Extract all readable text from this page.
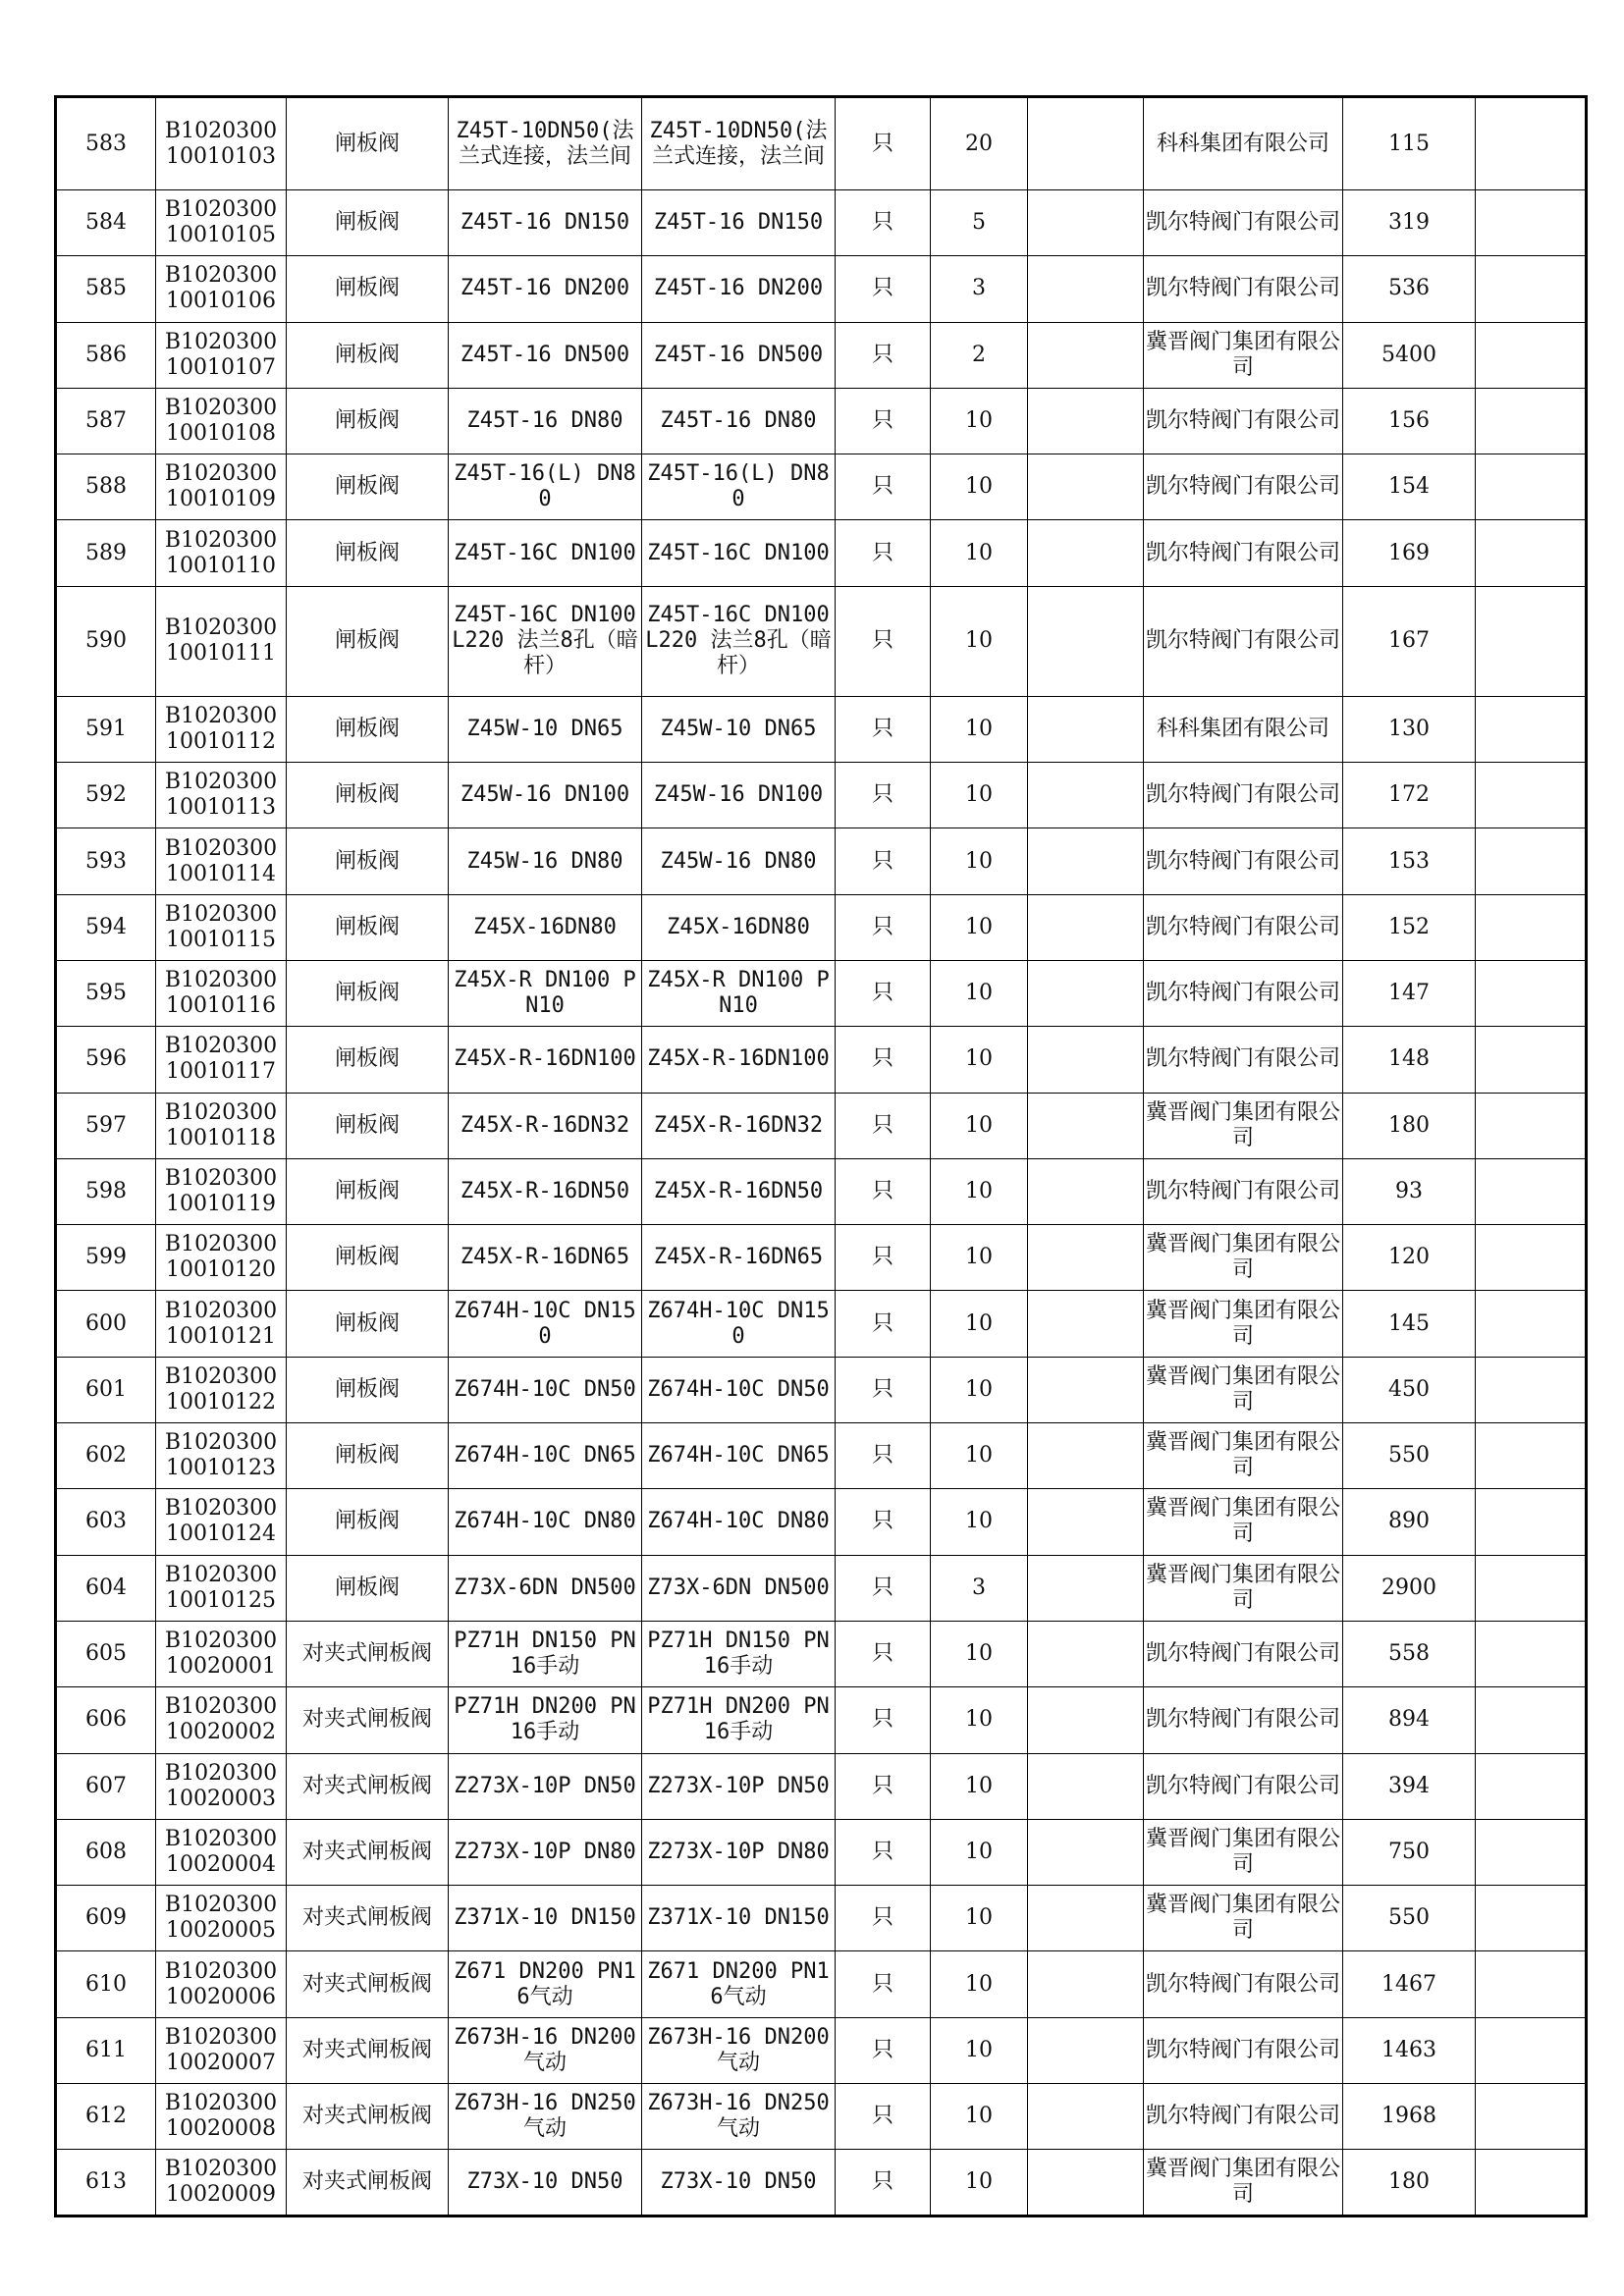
583	B1020300 10010103	闸板阀	Z45T-10DN50(法兰式连接，法兰间	Z45T-10DN50(法兰式连接，法兰间	只	20		科科集团有限公司	115	
584	B1020300 10010105	闸板阀	Z45T-16 DN150	Z45T-16 DN150	只	5		凯尔特阀门有限公司	319	
585	B1020300 10010106	闸板阀	Z45T-16 DN200	Z45T-16 DN200	只	3		凯尔特阀门有限公司	536	
586	B1020300 10010107	闸板阀	Z45T-16 DN500	Z45T-16 DN500	只	2		冀晋阀门集团有限公司	5400	
587	B1020300 10010108	闸板阀	Z45T-16 DN80	Z45T-16 DN80	只	10		凯尔特阀门有限公司	156	
588	B1020300 10010109	闸板阀	Z45T-16(L) DN80	Z45T-16(L) DN80	只	10		凯尔特阀门有限公司	154	
589	B1020300 10010110	闸板阀	Z45T-16C DN100	Z45T-16C DN100	只	10		凯尔特阀门有限公司	169	
590	B1020300 10010111	闸板阀	Z45T-16C DN100 L220 法兰8孔（暗杆）	Z45T-16C DN100 L220 法兰8孔（暗杆）	只	10		凯尔特阀门有限公司	167	
591	B1020300 10010112	闸板阀	Z45W-10 DN65	Z45W-10 DN65	只	10		科科集团有限公司	130	
592	B1020300 10010113	闸板阀	Z45W-16 DN100	Z45W-16 DN100	只	10		凯尔特阀门有限公司	172	
593	B1020300 10010114	闸板阀	Z45W-16 DN80	Z45W-16 DN80	只	10		凯尔特阀门有限公司	153	
594	B1020300 10010115	闸板阀	Z45X-16DN80	Z45X-16DN80	只	10		凯尔特阀门有限公司	152	
595	B1020300 10010116	闸板阀	Z45X-R DN100 PN10	Z45X-R DN100 PN10	只	10		凯尔特阀门有限公司	147	
596	B1020300 10010117	闸板阀	Z45X-R-16DN100	Z45X-R-16DN100	只	10		凯尔特阀门有限公司	148	
597	B1020300 10010118	闸板阀	Z45X-R-16DN32	Z45X-R-16DN32	只	10		冀晋阀门集团有限公司	180	
598	B1020300 10010119	闸板阀	Z45X-R-16DN50	Z45X-R-16DN50	只	10		凯尔特阀门有限公司	93	
599	B1020300 10010120	闸板阀	Z45X-R-16DN65	Z45X-R-16DN65	只	10		冀晋阀门集团有限公司	120	
600	B1020300 10010121	闸板阀	Z674H-10C DN150	Z674H-10C DN150	只	10		冀晋阀门集团有限公司	145	
601	B1020300 10010122	闸板阀	Z674H-10C DN50	Z674H-10C DN50	只	10		冀晋阀门集团有限公司	450	
602	B1020300 10010123	闸板阀	Z674H-10C DN65	Z674H-10C DN65	只	10		冀晋阀门集团有限公司	550	
603	B1020300 10010124	闸板阀	Z674H-10C DN80	Z674H-10C DN80	只	10		冀晋阀门集团有限公司	890	
604	B1020300 10010125	闸板阀	Z73X-6DN DN500	Z73X-6DN DN500	只	3		冀晋阀门集团有限公司	2900	
605	B1020300 10020001	对夹式闸板阀	PZ71H DN150 PN16手动	PZ71H DN150 PN16手动	只	10		凯尔特阀门有限公司	558	
606	B1020300 10020002	对夹式闸板阀	PZ71H DN200 PN16手动	PZ71H DN200 PN16手动	只	10		凯尔特阀门有限公司	894	
607	B1020300 10020003	对夹式闸板阀	Z273X-10P DN50	Z273X-10P DN50	只	10		凯尔特阀门有限公司	394	
608	B1020300 10020004	对夹式闸板阀	Z273X-10P DN80	Z273X-10P DN80	只	10		冀晋阀门集团有限公司	750	
609	B1020300 10020005	对夹式闸板阀	Z371X-10 DN150	Z371X-10 DN150	只	10		冀晋阀门集团有限公司	550	
610	B1020300 10020006	对夹式闸板阀	Z671 DN200 PN16气动	Z671 DN200 PN16气动	只	10		凯尔特阀门有限公司	1467	
611	B1020300 10020007	对夹式闸板阀	Z673H-16 DN200 气动	Z673H-16 DN200 气动	只	10		凯尔特阀门有限公司	1463	
612	B1020300 10020008	对夹式闸板阀	Z673H-16 DN250 气动	Z673H-16 DN250 气动	只	10		凯尔特阀门有限公司	1968	
613	B1020300 10020009	对夹式闸板阀	Z73X-10 DN50	Z73X-10 DN50	只	10		冀晋阀门集团有限公司	180	
